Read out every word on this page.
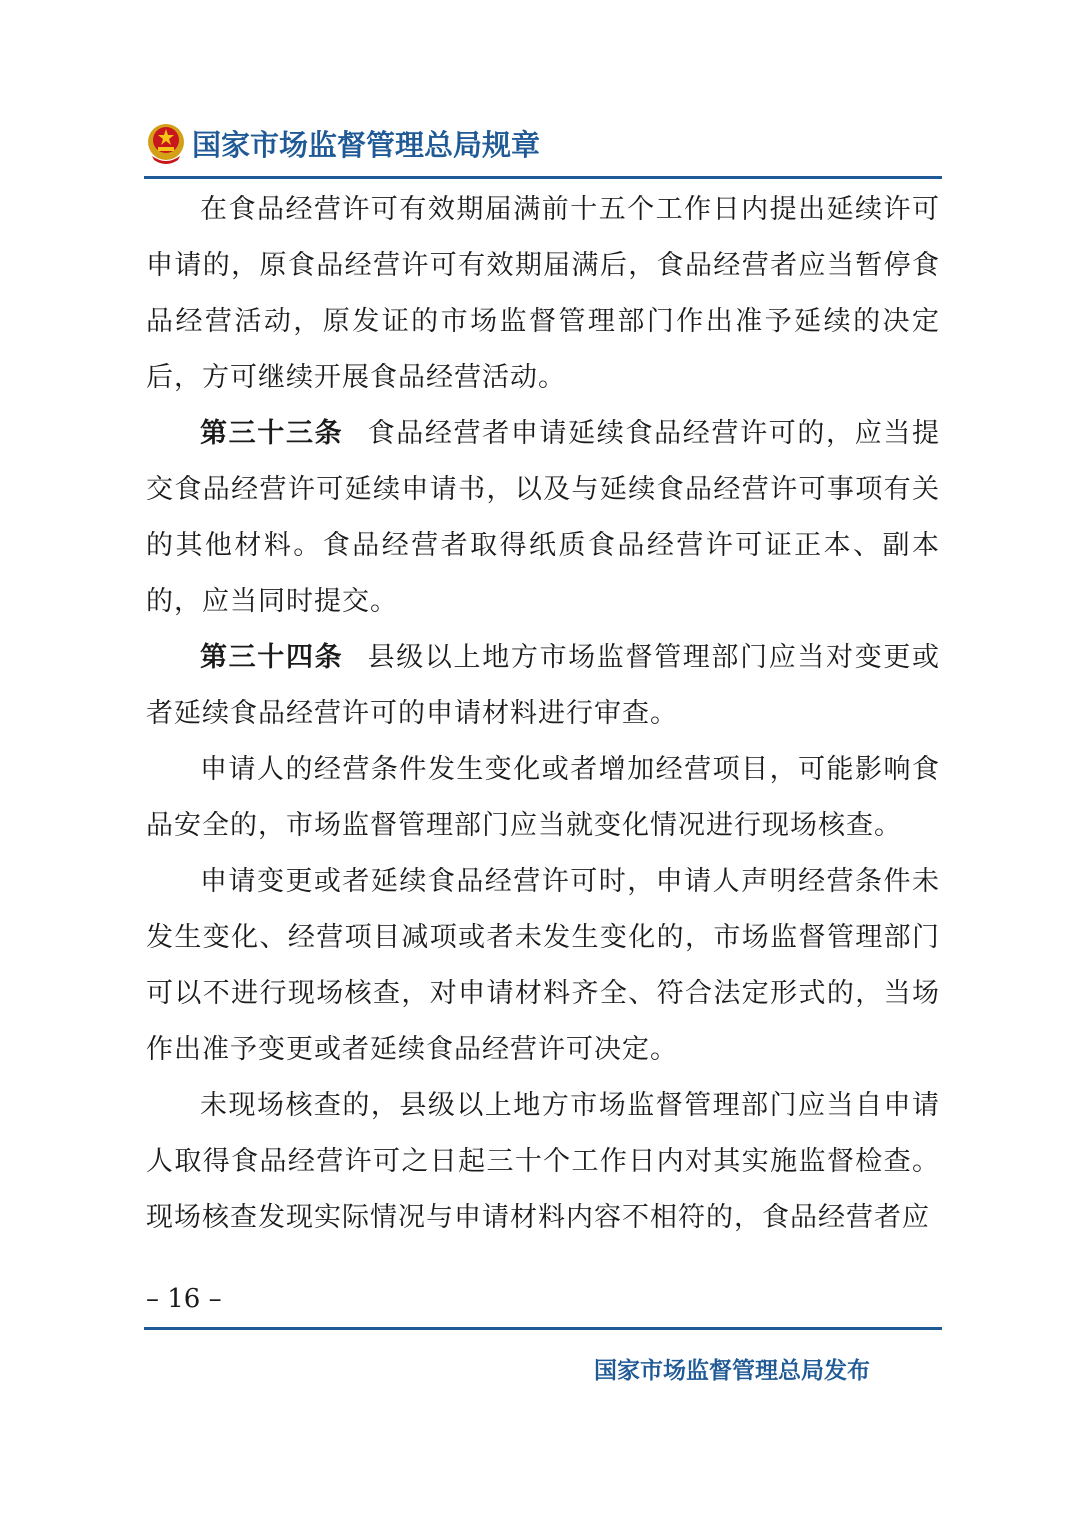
国家市场监督管理总局规章

在食品经营许可有效期届满前十五个工作日内提出延续许可申请的，原食品经营许可有效期届满后，食品经营者应当暂停食品经营活动，原发证的市场监督管理部门作出准予延续的决定后，方可继续开展食品经营活动。

第三十三条 食品经营者申请延续食品经营许可的，应当提交食品经营许可延续申请书，以及与延续食品经营许可事项有关的其他材料。食品经营者取得纸质食品经营许可证正本、副本的，应当同时提交。

第三十四条 县级以上地方市场监督管理部门应当对变更或者延续食品经营许可的申请材料进行审查。

申请人的经营条件发生变化或者增加经营项目，可能影响食品安全的，市场监督管理部门应当就变化情况进行现场核查。

申请变更或者延续食品经营许可时，申请人声明经营条件未发生变化、经营项目减项或者未发生变化的，市场监督管理部门可以不进行现场核查，对申请材料齐全、符合法定形式的，当场作出准予变更或者延续食品经营许可决定。

未现场核查的，县级以上地方市场监督管理部门应当自申请人取得食品经营许可之日起三十个工作日内对其实施监督检查。现场核查发现实际情况与申请材料内容不相符的，食品经营者应

– 16 –
国家市场监督管理总局发布
